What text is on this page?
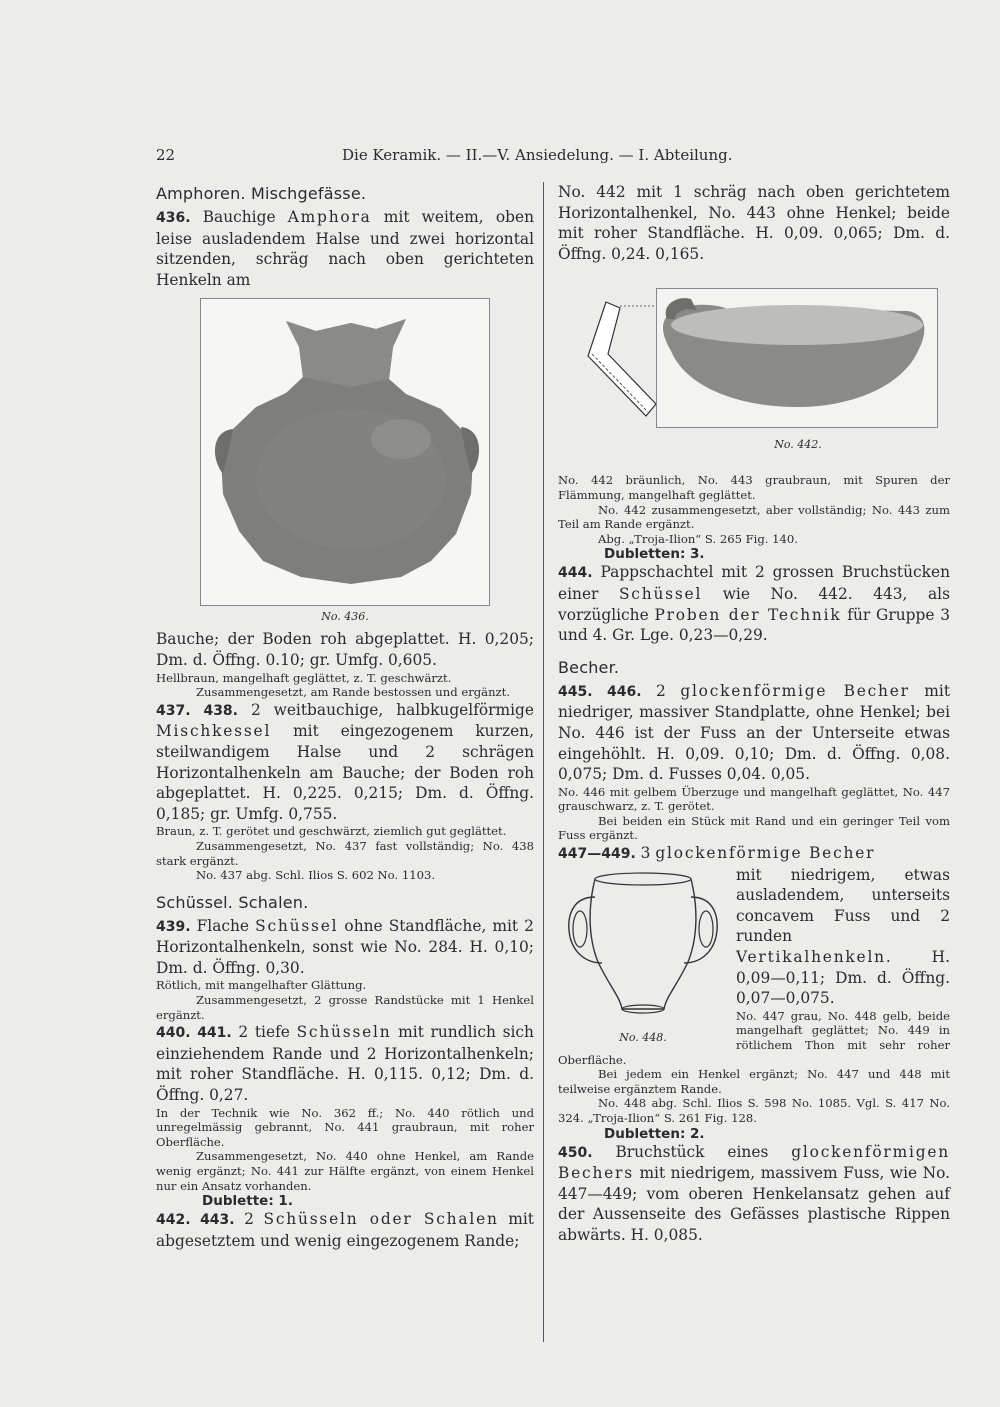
22	Die Keramik. — II.—V. Ansiedelung. — I. Abteilung.
Amphoren. Mischgefässe.

436. Bauchige Amphora mit weitem, oben leise ausladendem Halse und zwei horizontal sitzenden, schräg nach oben gerichteten Henkeln am

No. 436.

Bauche; der Boden roh abgeplattet. H. 0,205; Dm. d. Öffng. 0.10; gr. Umfg. 0,605.

Hellbraun, mangelhaft geglättet, z. T. geschwärzt.

Zusammengesetzt, am Rande bestossen und ergänzt.

437. 438. 2 weitbauchige, halbkugelförmige Mischkessel mit eingezogenem kurzen, steilwandigem Halse und 2 schrägen Horizontalhenkeln am Bauche; der Boden roh abgeplattet. H. 0,225. 0,215; Dm. d. Öffng. 0,185; gr. Umfg. 0,755.

Braun, z. T. gerötet und geschwärzt, ziemlich gut geglättet.

Zusammengesetzt, No. 437 fast vollständig; No. 438 stark ergänzt.

No. 437 abg. Schl. Ilios S. 602 No. 1103.

Schüssel. Schalen.

439. Flache Schüssel ohne Standfläche, mit 2 Horizontalhenkeln, sonst wie No. 284. H. 0,10; Dm. d. Öffng. 0,30.

Rötlich, mit mangelhafter Glättung.

Zusammengesetzt, 2 grosse Randstücke mit 1 Henkel ergänzt.

440. 441. 2 tiefe Schüsseln mit rundlich sich einziehendem Rande und 2 Horizontalhenkeln; mit roher Standfläche. H. 0,115. 0,12; Dm. d. Öffng. 0,27.

In der Technik wie No. 362 ff.; No. 440 rötlich und unregelmässig gebrannt, No. 441 graubraun, mit roher Oberfläche.

Zusammengesetzt, No. 440 ohne Henkel, am Rande wenig ergänzt; No. 441 zur Hälfte ergänzt, von einem Henkel nur ein Ansatz vorhanden.

Dublette: 1.

442. 443. 2 Schüsseln oder Schalen mit abgesetztem und wenig eingezogenem Rande;

No. 442 mit 1 schräg nach oben gerichtetem Horizontalhenkel, No. 443 ohne Henkel; beide mit roher Standfläche. H. 0,09. 0,065; Dm. d. Öffng. 0,24. 0,165.

No. 442.

No. 442 bräunlich, No. 443 graubraun, mit Spuren der Flämmung, mangelhaft geglättet.

No. 442 zusammengesetzt, aber vollständig; No. 443 zum Teil am Rande ergänzt.

Abg. „Troja-Ilion“ S. 265 Fig. 140.

Dubletten: 3.

444. Pappschachtel mit 2 grossen Bruchstücken einer Schüssel wie No. 442. 443, als vorzügliche Proben der Technik für Gruppe 3 und 4. Gr. Lge. 0,23—0,29.

Becher.

445. 446. 2 glockenförmige Becher mit niedriger, massiver Standplatte, ohne Henkel; bei No. 446 ist der Fuss an der Unterseite etwas eingehöhlt. H. 0,09. 0,10; Dm. d. Öffng. 0,08. 0,075; Dm. d. Fusses 0,04. 0,05.

No. 446 mit gelbem Überzuge und mangelhaft geglättet, No. 447 grauschwarz, z. T. gerötet.

Bei beiden ein Stück mit Rand und ein geringer Teil vom Fuss ergänzt.

447—449. 3 glockenförmige Becher

No. 448.

mit niedrigem, etwas ausladendem, unterseits concavem Fuss und 2 runden Vertikalhenkeln.	H. 0,09—0,11; Dm. d. Öffng. 0,07—0,075.

No. 447 grau, No. 448 gelb, beide mangelhaft geglättet; No. 449 in rötlichem Thon mit sehr roher Oberfläche.

Bei jedem ein Henkel ergänzt; No. 447 und 448 mit teilweise ergänztem Rande.

No. 448 abg. Schl. Ilios S. 598 No. 1085. Vgl. S. 417 No. 324. „Troja-Ilion“ S. 261 Fig. 128.

Dubletten: 2.

450. Bruchstück eines glockenförmigen Bechers mit niedrigem, massivem Fuss, wie No. 447—449; vom oberen Henkelansatz gehen auf der Aussenseite des Gefässes plastische Rippen abwärts. H. 0,085.
